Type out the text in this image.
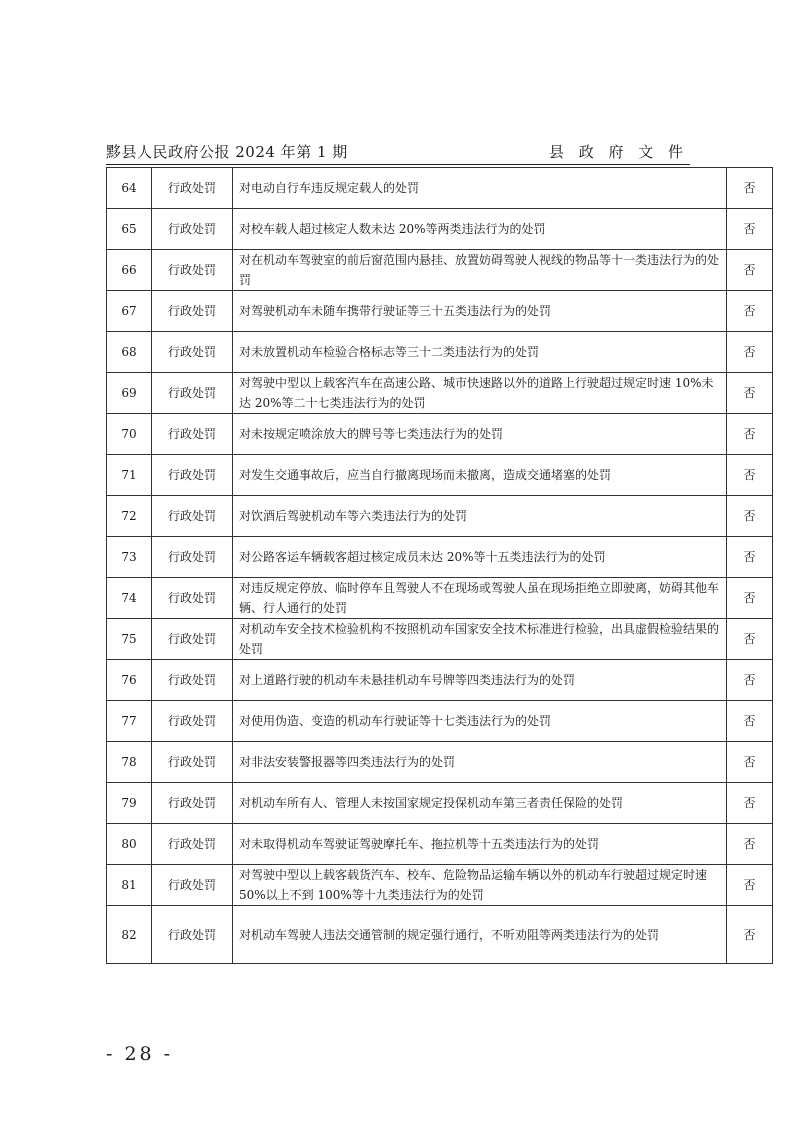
黟县人民政府公报 2024 年第 1 期	县 政 府 文 件
64	行政处罚	对电动自行车违反规定载人的处罚	否
65	行政处罚	对校车载人超过核定人数未达 20%等两类违法行为的处罚	否
66	行政处罚	对在机动车驾驶室的前后窗范围内悬挂、放置妨碍驾驶人视线的物品等十一类违法行为的处罚	否
67	行政处罚	对驾驶机动车未随车携带行驶证等三十五类违法行为的处罚	否
68	行政处罚	对未放置机动车检验合格标志等三十二类违法行为的处罚	否
69	行政处罚	对驾驶中型以上载客汽车在高速公路、城市快速路以外的道路上行驶超过规定时速 10%未达 20%等二十七类违法行为的处罚	否
70	行政处罚	对未按规定喷涂放大的牌号等七类违法行为的处罚	否
71	行政处罚	对发生交通事故后，应当自行撤离现场而未撤离，造成交通堵塞的处罚	否
72	行政处罚	对饮酒后驾驶机动车等六类违法行为的处罚	否
73	行政处罚	对公路客运车辆载客超过核定成员未达 20%等十五类违法行为的处罚	否
74	行政处罚	对违反规定停放、临时停车且驾驶人不在现场或驾驶人虽在现场拒绝立即驶离，妨碍其他车辆、行人通行的处罚	否
75	行政处罚	对机动车安全技术检验机构不按照机动车国家安全技术标准进行检验，出具虚假检验结果的处罚	否
76	行政处罚	对上道路行驶的机动车未悬挂机动车号牌等四类违法行为的处罚	否
77	行政处罚	对使用伪造、变造的机动车行驶证等十七类违法行为的处罚	否
78	行政处罚	对非法安装警报器等四类违法行为的处罚	否
79	行政处罚	对机动车所有人、管理人未按国家规定投保机动车第三者责任保险的处罚	否
80	行政处罚	对未取得机动车驾驶证驾驶摩托车、拖拉机等十五类违法行为的处罚	否
81	行政处罚	对驾驶中型以上载客载货汽车、校车、危险物品运输车辆以外的机动车行驶超过规定时速 50%以上不到 100%等十九类违法行为的处罚	否
82	行政处罚	对机动车驾驶人违法交通管制的规定强行通行，不听劝阻等两类违法行为的处罚	否
- 28 -
